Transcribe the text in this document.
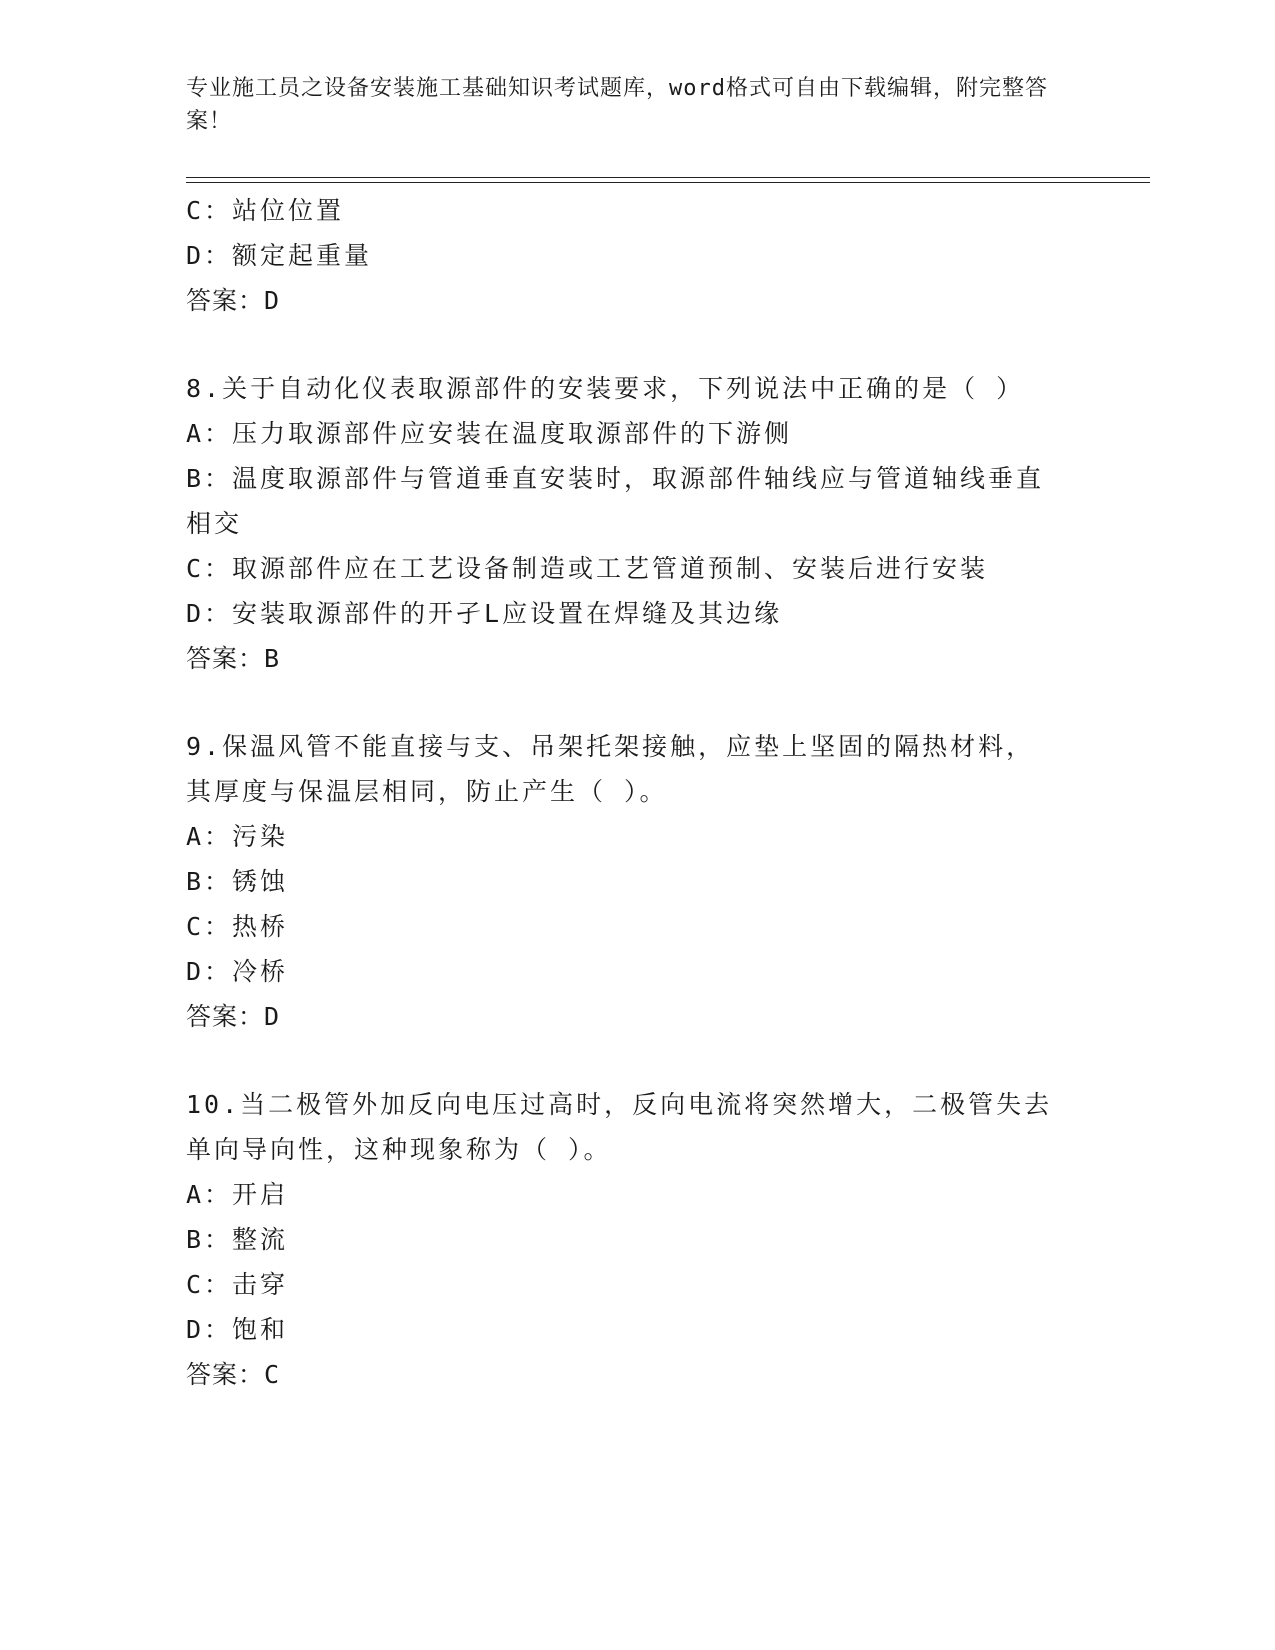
专业施工员之设备安装施工基础知识考试题库，word格式可自由下载编辑，附完整答案！
C：站位位置
D：额定起重量
答案：D
8.关于自动化仪表取源部件的安装要求，下列说法中正确的是（ ）
A：压力取源部件应安装在温度取源部件的下游侧
B：温度取源部件与管道垂直安装时，取源部件轴线应与管道轴线垂直
相交
C：取源部件应在工艺设备制造或工艺管道预制、安装后进行安装
D：安装取源部件的开孑L应设置在焊缝及其边缘
答案：B
9.保温风管不能直接与支、吊架托架接触，应垫上坚固的隔热材料，
其厚度与保温层相同，防止产生（ ）。
A：污染
B：锈蚀
C：热桥
D：冷桥
答案：D
10.当二极管外加反向电压过高时，反向电流将突然增大，二极管失去
单向导向性，这种现象称为（ ）。
A：开启
B：整流
C：击穿
D：饱和
答案：C
